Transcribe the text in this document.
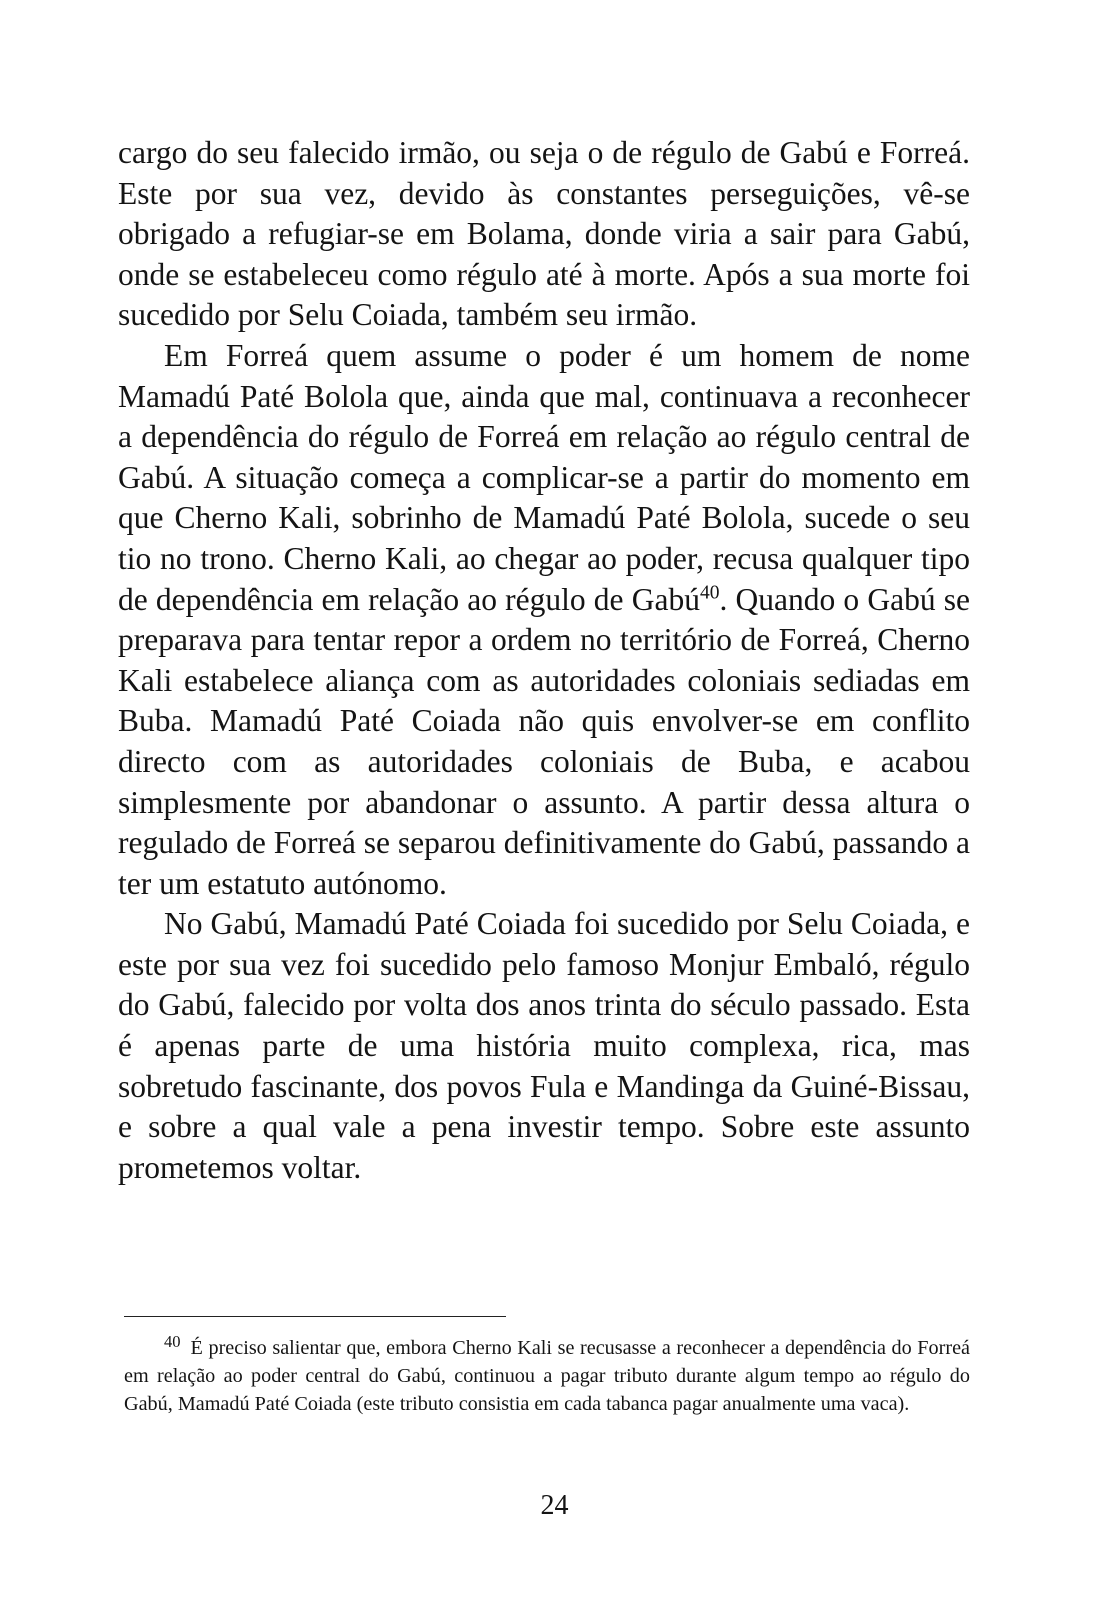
cargo do seu falecido irmão, ou seja o de régulo de Gabú e Forreá. Este por sua vez, devido às constantes perseguições, vê-se obrigado a refugiar-se em Bolama, donde viria a sair para Gabú, onde se estabeleceu como régulo até à morte. Após a sua morte foi sucedido por Selu Coiada, também seu irmão.

Em Forreá quem assume o poder é um homem de nome Mamadú Paté Bolola que, ainda que mal, continuava a reconhecer a dependência do régulo de Forreá em relação ao régulo central de Gabú. A situação começa a complicar-se a partir do momento em que Cherno Kali, sobrinho de Mamadú Paté Bolola, sucede o seu tio no trono. Cherno Kali, ao chegar ao poder, recusa qualquer tipo de dependência em relação ao régulo de Gabú$^{40}$. Quando o Gabú se preparava para tentar repor a ordem no território de Forreá, Cherno Kali estabelece aliança com as autoridades coloniais sediadas em Buba. Mamadú Paté Coiada não quis envolver-se em conflito directo com as autoridades coloniais de Buba, e acabou simplesmente por abandonar o assunto. A partir dessa altura o regulado de Forreá se separou definitivamente do Gabú, passando a ter um estatuto autónomo.

No Gabú, Mamadú Paté Coiada foi sucedido por Selu Coiada, e este por sua vez foi sucedido pelo famoso Monjur Embaló, régulo do Gabú, falecido por volta dos anos trinta do século passado. Esta é apenas parte de uma história muito complexa, rica, mas sobretudo fascinante, dos povos Fula e Mandinga da Guiné-Bissau, e sobre a qual vale a pena investir tempo. Sobre este assunto prometemos voltar.

$^{40}$ É preciso salientar que, embora Cherno Kali se recusasse a reconhecer a dependência do Forreá em relação ao poder central do Gabú, continuou a pagar tributo durante algum tempo ao régulo do Gabú, Mamadú Paté Coiada (este tributo consistia em cada tabanca pagar anualmente uma vaca).

24
